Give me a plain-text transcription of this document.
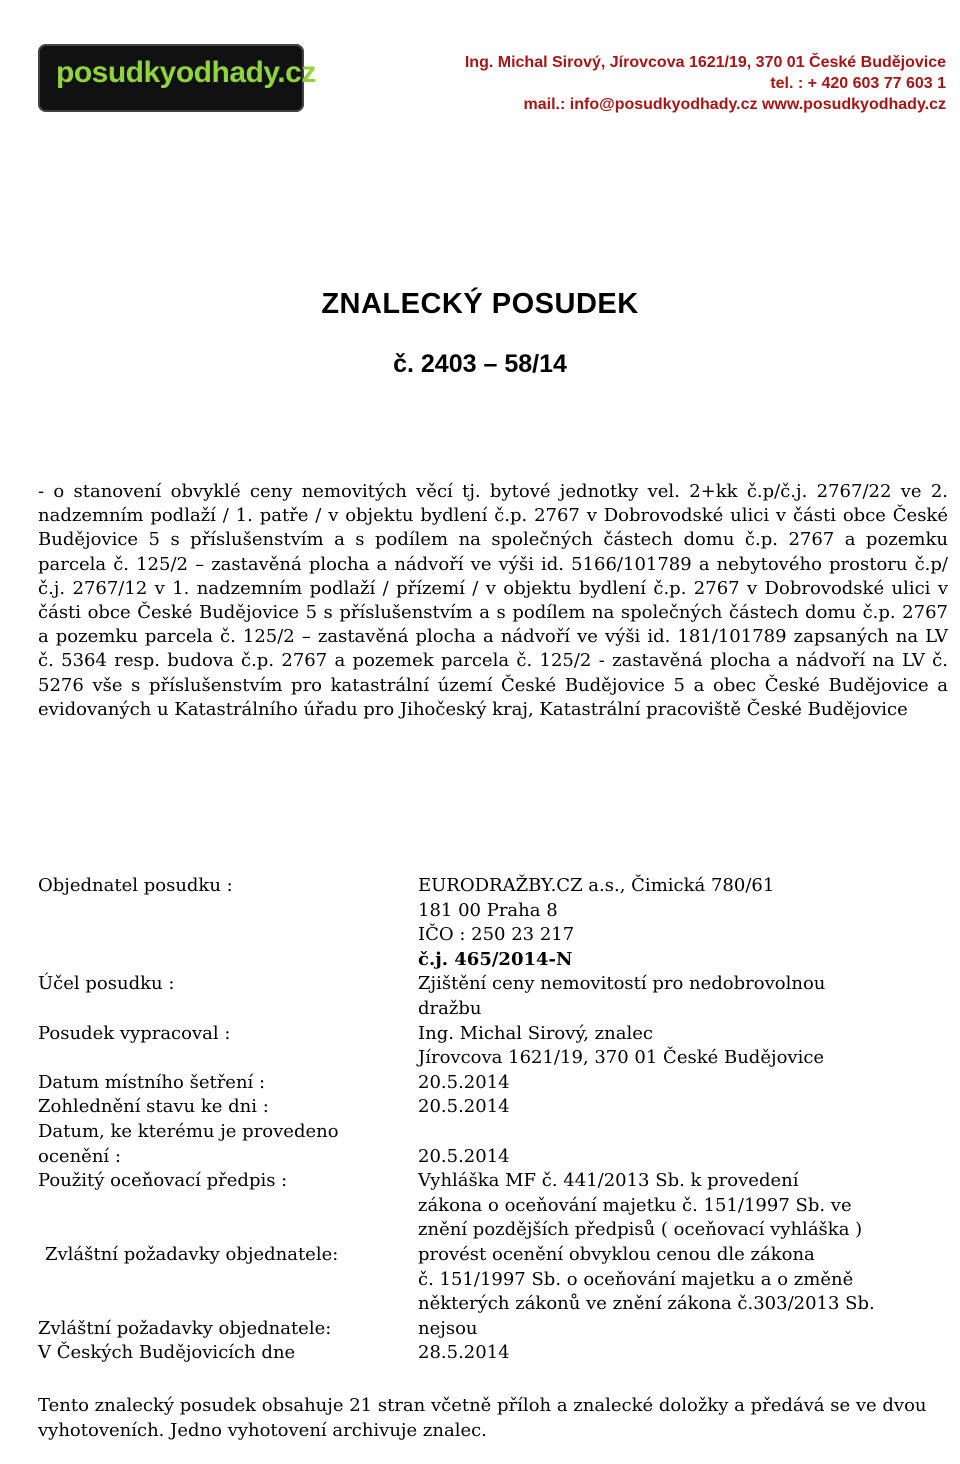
posudkyodhady.cz	Ing. Michal Sirový, Jírovcova 1621/19, 370 01 České Budějovice
tel. : + 420 603 77 603 1
mail.: info@posudkyodhady.cz www.posudkyodhady.cz
ZNALECKÝ POSUDEK
č. 2403 – 58/14
- o stanovení obvyklé ceny nemovitých věcí tj. bytové jednotky vel. 2+kk č.p/č.j. 2767/22 ve 2. nadzemním podlaží / 1. patře / v objektu bydlení č.p. 2767 v Dobrovodské ulici v části obce České Budějovice 5 s příslušenstvím a s podílem na společných částech domu č.p. 2767 a pozemku parcela č. 125/2 – zastavěná plocha a nádvoří ve výši id. 5166/101789 a nebytového prostoru č.p/č.j. 2767/12 v 1. nadzemním podlaží / přízemí / v objektu bydlení č.p. 2767 v Dobrovodské ulici v části obce České Budějovice 5 s příslušenstvím a s podílem na společných částech domu č.p. 2767 a pozemku parcela č. 125/2 – zastavěná plocha a nádvoří ve výši id. 181/101789 zapsaných na LV č. 5364 resp. budova č.p. 2767 a pozemek parcela č. 125/2 - zastavěná plocha a nádvoří na LV č. 5276 vše s příslušenstvím pro katastrální území České Budějovice 5 a obec České Budějovice a evidovaných u Katastrálního úřadu pro Jihočeský kraj, Katastrální pracoviště České Budějovice
Objednatel posudku :	EURODRAŽBY.CZ a.s., Čimická 780/61
181 00 Praha 8
IČO : 250 23 217
č.j. 465/2014-N
Účel posudku :	Zjištění ceny nemovitostí pro nedobrovolnou
dražbu
Posudek vypracoval :	Ing. Michal Sirový, znalec
Jírovcova 1621/19, 370 01 České Budějovice
Datum místního šetření :	20.5.2014
Zohlednění stavu ke dni :	20.5.2014
Datum, ke kterému je provedeno
ocenění :	20.5.2014
Použitý oceňovací předpis :	Vyhláška MF č. 441/2013 Sb. k provedení
zákona o oceňování majetku č. 151/1997 Sb. ve
znění pozdějších předpisů ( oceňovací vyhláška )
Zvláštní požadavky objednatele:	provést ocenění obvyklou cenou dle zákona
č. 151/1997 Sb. o oceňování majetku a o změně
některých zákonů ve znění zákona č.303/2013 Sb.
Zvláštní požadavky objednatele:	nejsou
V Českých Budějovicích dne	28.5.2014
Tento znalecký posudek obsahuje 21 stran včetně příloh a znalecké doložky a předává se ve dvou vyhotoveních. Jedno vyhotovení archivuje znalec.
